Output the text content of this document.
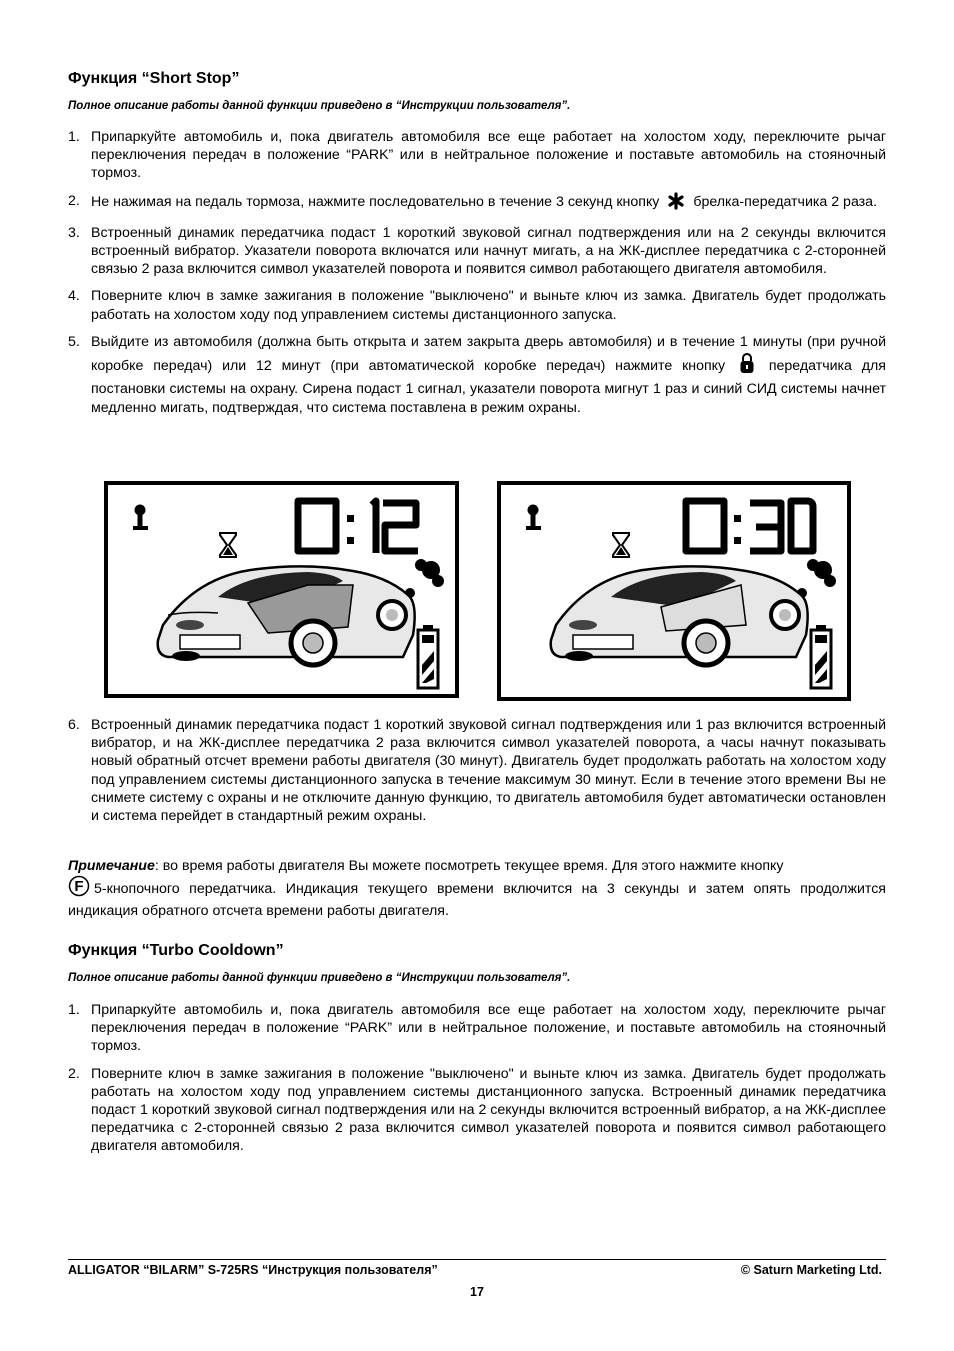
Функция “Short Stop”
Полное описание работы данной функции приведено в “Инструкции пользователя”.
1. Припаркуйте автомобиль и, пока двигатель автомобиля все еще работает на холостом ходу, переключите рычаг переключения передач в положение “PARK” или в нейтральное положение и поставьте автомобиль на стояночный тормоз.
2. Не нажимая на педаль тормоза, нажмите последовательно в течение 3 секунд кнопку брелка-передатчика 2 раза.
3. Встроенный динамик передатчика подаст 1 короткий звуковой сигнал подтверждения или на 2 секунды включится встроенный вибратор. Указатели поворота включатся или начнут мигать, а на ЖК-дисплее передатчика с 2-сторонней связью 2 раза включится символ указателей поворота и появится символ работающего двигателя автомобиля.
4. Поверните ключ в замке зажигания в положение "выключено" и выньте ключ из замка. Двигатель будет продолжать работать на холостом ходу под управлением системы дистанционного запуска.
5. Выйдите из автомобиля (должна быть открыта и затем закрыта дверь автомобиля) и в течение 1 минуты (при ручной коробке передач) или 12 минут (при автоматической коробке передач) нажмите кнопку	передатчика для постановки системы на охрану. Сирена подаст 1 сигнал, указатели поворота мигнут 1 раз и синий СИД системы начнет медленно мигать, подтверждая, что система поставлена в режим охраны.
6. Встроенный динамик передатчика подаст 1 короткий звуковой сигнал подтверждения или 1 раз включится встроенный вибратор, и на ЖК-дисплее передатчика 2 раза включится символ указателей поворота, а часы начнут показывать новый обратный отсчет времени работы двигателя (30 минут). Двигатель будет продолжать работать на холостом ходу под управлением системы дистанционного запуска в течение максимум 30 минут. Если в течение этого времени Вы не снимете систему с охраны и не отключите данную функцию, то двигатель автомобиля будет автоматически остановлен и система перейдет в стандартный режим охраны.
Примечание: во время работы двигателя Вы можете посмотреть текущее время. Для этого нажмите кнопку

F 5-кнопочного передатчика. Индикация текущего времени включится на 3 секунды и затем опять продолжится индикация обратного отсчета времени работы двигателя.
Функция “Turbo Cooldown”
Полное описание работы данной функции приведено в “Инструкции пользователя”.
1. Припаркуйте автомобиль и, пока двигатель автомобиля все еще работает на холостом ходу, переключите рычаг переключения передач в положение “PARK” или в нейтральное положение, и поставьте автомобиль на стояночный тормоз.
2. Поверните ключ в замке зажигания в положение "выключено" и выньте ключ из замка. Двигатель будет продолжать работать на холостом ходу под управлением системы дистанционного запуска. Встроенный динамик передатчика подаст 1 короткий звуковой сигнал подтверждения или на 2 секунды включится встроенный вибратор, а на ЖК-дисплее передатчика с 2-сторонней связью 2 раза включится символ указателей поворота и появится символ работающего двигателя автомобиля.
ALLIGATOR “BILARM” S-725RS “Инструкция пользователя”	© Saturn Marketing Ltd.
17
